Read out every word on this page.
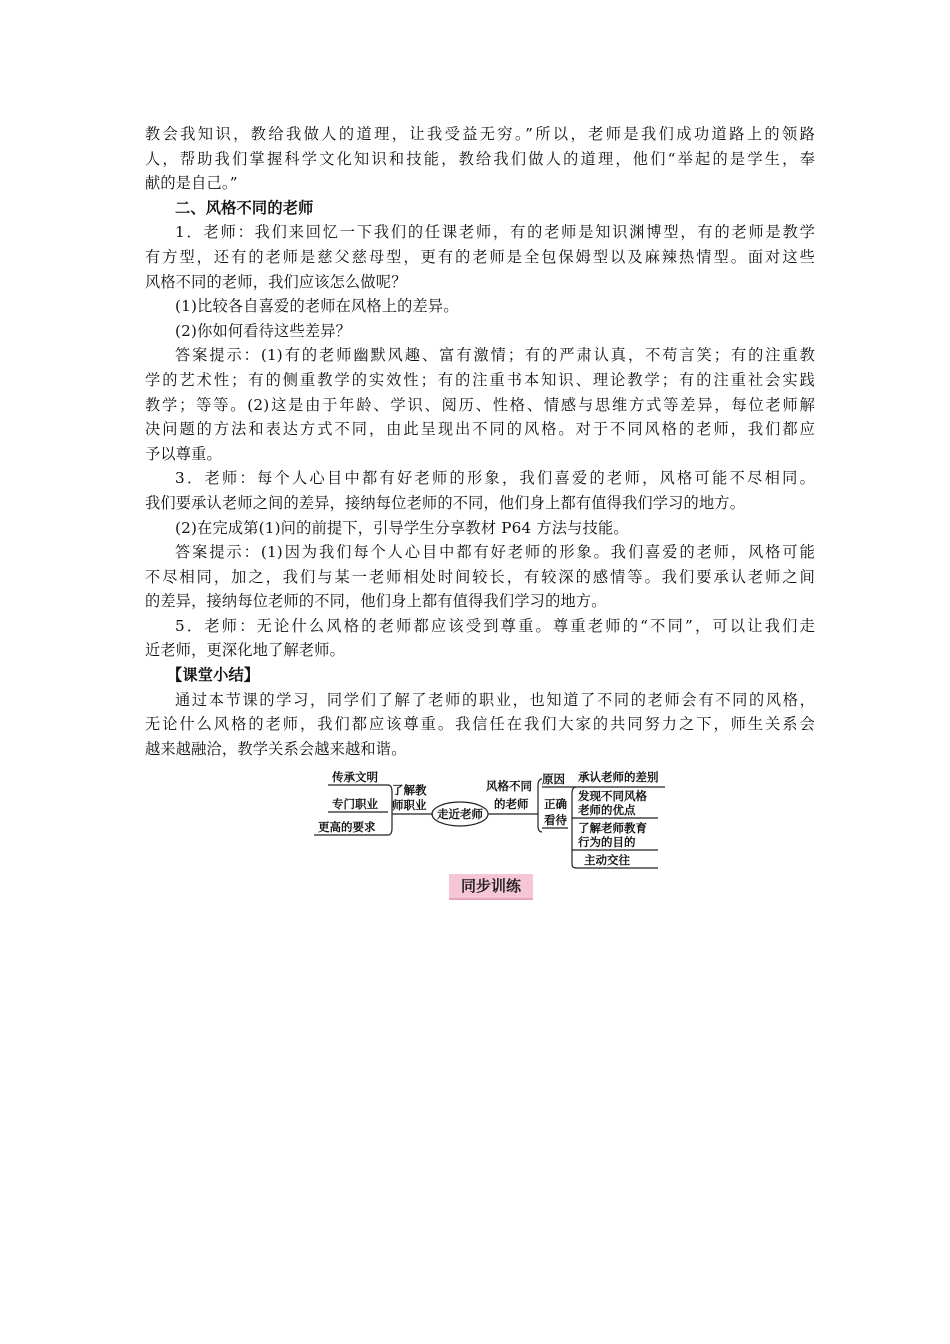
教会我知识，教给我做人的道理，让我受益无穷。”所以，老师是我们成功道路上的领路
人，帮助我们掌握科学文化知识和技能，教给我们做人的道理，他们“举起的是学生，奉
献的是自己。”
二、风格不同的老师
1．老师：我们来回忆一下我们的任课老师，有的老师是知识渊博型，有的老师是教学
有方型，还有的老师是慈父慈母型，更有的老师是全包保姆型以及麻辣热情型。面对这些
风格不同的老师，我们应该怎么做呢？
(1)比较各自喜爱的老师在风格上的差异。
(2)你如何看待这些差异？
答案提示：(1)有的老师幽默风趣、富有激情；有的严肃认真，不苟言笑；有的注重教
学的艺术性；有的侧重教学的实效性；有的注重书本知识、理论教学；有的注重社会实践
教学；等等。(2)这是由于年龄、学识、阅历、性格、情感与思维方式等差异，每位老师解
决问题的方法和表达方式不同，由此呈现出不同的风格。对于不同风格的老师，我们都应
予以尊重。
3．老师：每个人心目中都有好老师的形象，我们喜爱的老师，风格可能不尽相同。
我们要承认老师之间的差异，接纳每位老师的不同，他们身上都有值得我们学习的地方。
(2)在完成第(1)问的前提下，引导学生分享教材 P64 方法与技能。
答案提示：(1)因为我们每个人心目中都有好老师的形象。我们喜爱的老师，风格可能
不尽相同，加之，我们与某一老师相处时间较长，有较深的感情等。我们要承认老师之间
的差异，接纳每位老师的不同，他们身上都有值得我们学习的地方。
5．老师：无论什么风格的老师都应该受到尊重。尊重老师的“不同”，可以让我们走
近老师，更深化地了解老师。
【课堂小结】
通过本节课的学习，同学们了解了老师的职业，也知道了不同的老师会有不同的风格，
无论什么风格的老师，我们都应该尊重。我信任在我们大家的共同努力之下，师生关系会
越来越融洽，教学关系会越来越和谐。
传承文明
专门职业
更高的要求
了解教
师职业
走近老师
风格不同
的老师
原因
正确
看待
承认老师的差别
发现不同风格
老师的优点
了解老师教育
行为的目的
主动交往
同步训练
